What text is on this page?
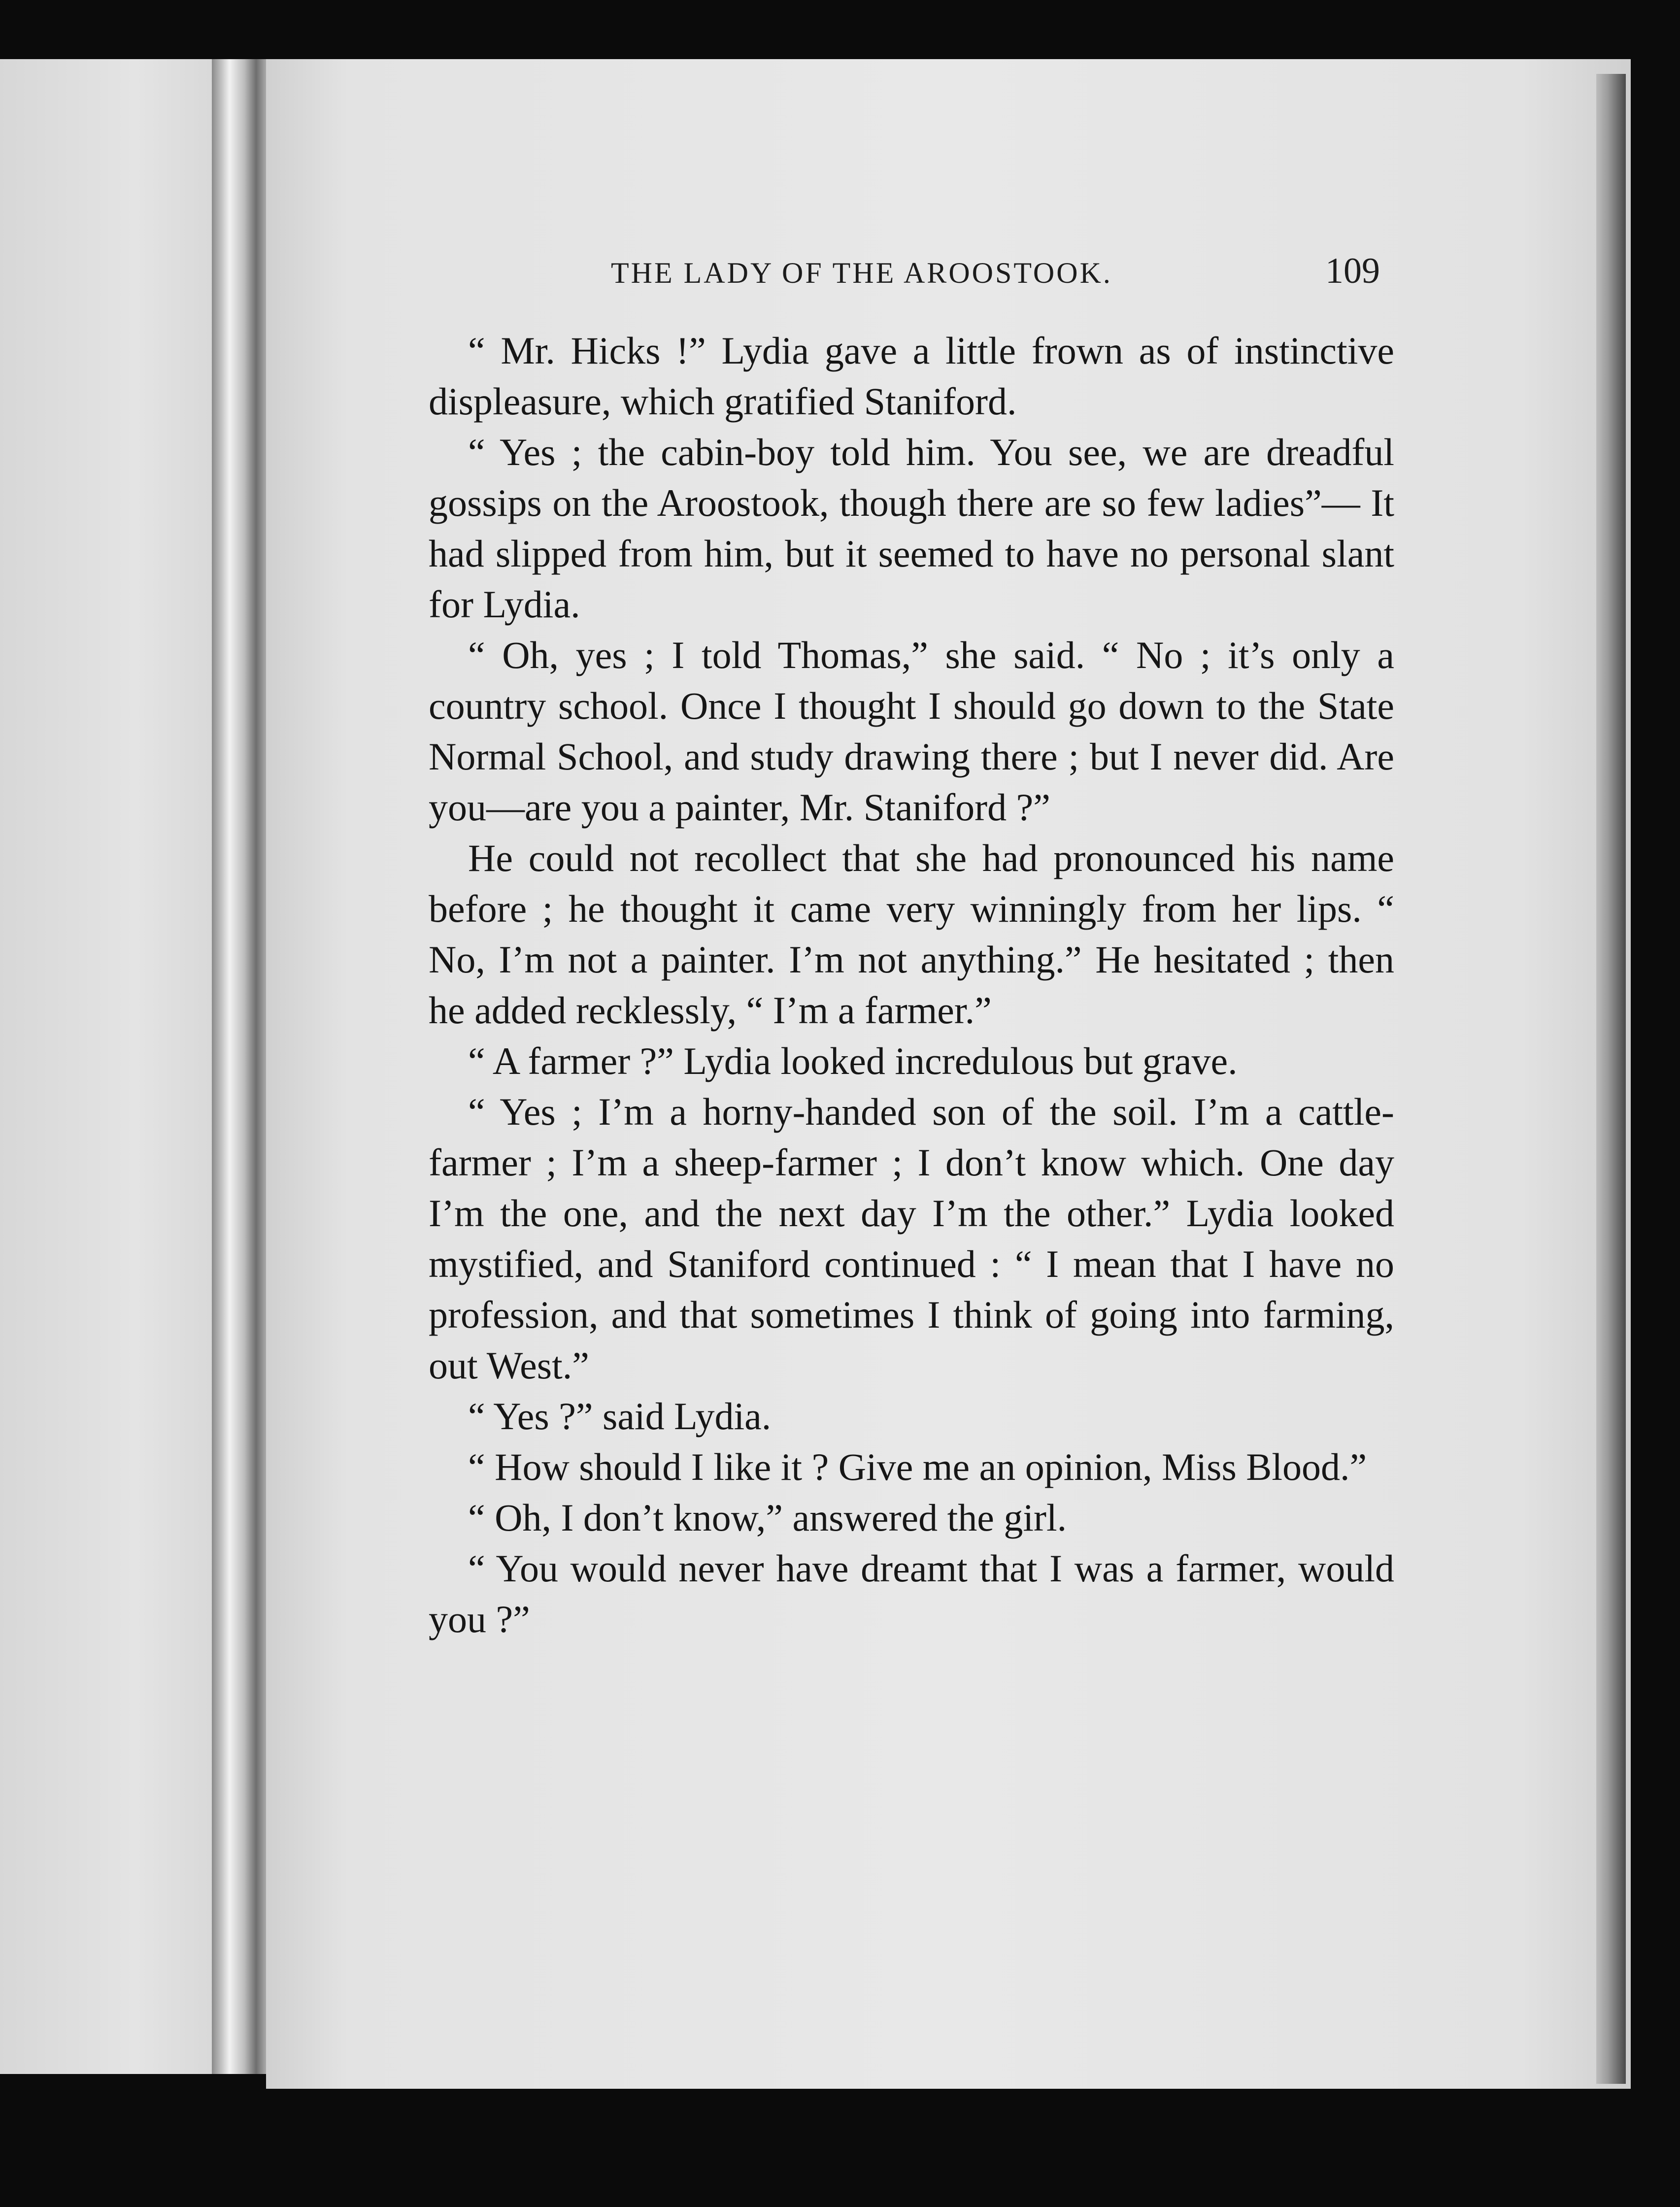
THE LADY OF THE AROOSTOOK.	109

“ Mr. Hicks !” Lydia gave a little frown as of instinctive displeasure, which gratified Staniford.

“ Yes ; the cabin-boy told him. You see, we are dreadful gossips on the Aroostook, though there are so few ladies”— It had slipped from him, but it seemed to have no personal slant for Lydia.

“ Oh, yes ; I told Thomas,” she said. “ No ; it’s only a country school. Once I thought I should go down to the State Normal School, and study drawing there ; but I never did. Are you—are you a painter, Mr. Staniford ?”

He could not recollect that she had pronounced his name before ; he thought it came very winningly from her lips. “ No, I’m not a painter. I’m not anything.” He hesitated ; then he added recklessly, “ I’m a farmer.”

“ A farmer ?” Lydia looked incredulous but grave.

“ Yes ; I’m a horny-handed son of the soil. I’m a cattle-farmer ; I’m a sheep-farmer ; I don’t know which. One day I’m the one, and the next day I’m the other.” Lydia looked mystified, and Staniford continued : “ I mean that I have no profession, and that sometimes I think of going into farming, out West.”

“ Yes ?” said Lydia.

“ How should I like it ? Give me an opinion, Miss Blood.”

“ Oh, I don’t know,” answered the girl.

“ You would never have dreamt that I was a farmer, would you ?”
